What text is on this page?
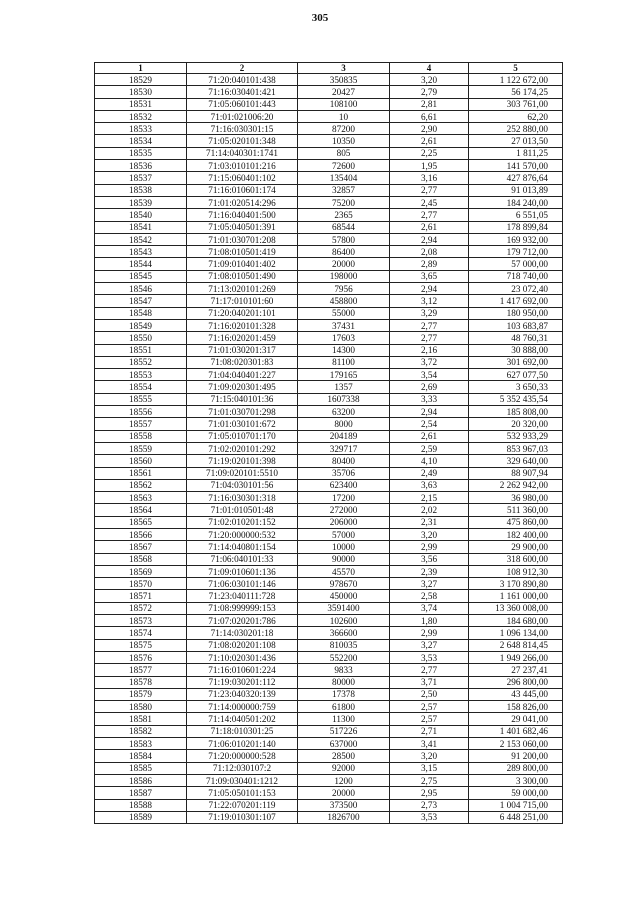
305
1	2	3	4	5
18529	71:20:040101:438	350835	3,20	1 122 672,00
18530	71:16:030401:421	20427	2,79	56 174,25
18531	71:05:060101:443	108100	2,81	303 761,00
18532	71:01:021006:20	10	6,61	62,20
18533	71:16:030301:15	87200	2,90	252 880,00
18534	71:05:020101:348	10350	2,61	27 013,50
18535	71:14:040301:1741	805	2,25	1 811,25
18536	71:03:010101:216	72600	1,95	141 570,00
18537	71:15:060401:102	135404	3,16	427 876,64
18538	71:16:010601:174	32857	2,77	91 013,89
18539	71:01:020514:296	75200	2,45	184 240,00
18540	71:16:040401:500	2365	2,77	6 551,05
18541	71:05:040501:391	68544	2,61	178 899,84
18542	71:01:030701:208	57800	2,94	169 932,00
18543	71:08:010501:419	86400	2,08	179 712,00
18544	71:09:010401:402	20000	2,89	57 000,00
18545	71:08:010501:490	198000	3,65	718 740,00
18546	71:13:020101:269	7956	2,94	23 072,40
18547	71:17:010101:60	458800	3,12	1 417 692,00
18548	71:20:040201:101	55000	3,29	180 950,00
18549	71:16:020101:328	37431	2,77	103 683,87
18550	71:16:020201:459	17603	2,77	48 760,31
18551	71:01:030201:317	14300	2,16	30 888,00
18552	71:08:020301:83	81100	3,72	301 692,00
18553	71:04:040401:227	179165	3,54	627 077,50
18554	71:09:020301:495	1357	2,69	3 650,33
18555	71:15:040101:36	1607338	3,33	5 352 435,54
18556	71:01:030701:298	63200	2,94	185 808,00
18557	71:01:030101:672	8000	2,54	20 320,00
18558	71:05:010701:170	204189	2,61	532 933,29
18559	71:02:020101:292	329717	2,59	853 967,03
18560	71:19:020101:398	80400	4,10	329 640,00
18561	71:09:020101:5510	35706	2,49	88 907,94
18562	71:04:030101:56	623400	3,63	2 262 942,00
18563	71:16:030301:318	17200	2,15	36 980,00
18564	71:01:010501:48	272000	2,02	511 360,00
18565	71:02:010201:152	206000	2,31	475 860,00
18566	71:20:000000:532	57000	3,20	182 400,00
18567	71:14:040801:154	10000	2,99	29 900,00
18568	71:06:040101:33	90000	3,56	318 600,00
18569	71:09:010601:136	45570	2,39	108 912,30
18570	71:06:030101:146	978670	3,27	3 170 890,80
18571	71:23:040111:728	450000	2,58	1 161 000,00
18572	71:08:999999:153	3591400	3,74	13 360 008,00
18573	71:07:020201:786	102600	1,80	184 680,00
18574	71:14:030201:18	366600	2,99	1 096 134,00
18575	71:08:020201:108	810035	3,27	2 648 814,45
18576	71:10:020301:436	552200	3,53	1 949 266,00
18577	71:16:010601:224	9833	2,77	27 237,41
18578	71:19:030201:112	80000	3,71	296 800,00
18579	71:23:040320:139	17378	2,50	43 445,00
18580	71:14:000000:759	61800	2,57	158 826,00
18581	71:14:040501:202	11300	2,57	29 041,00
18582	71:18:010301:25	517226	2,71	1 401 682,46
18583	71:06:010201:140	637000	3,41	2 153 060,00
18584	71:20:000000:528	28500	3,20	91 200,00
18585	71:12:030107:2	92000	3,15	289 800,00
18586	71:09:030401:1212	1200	2,75	3 300,00
18587	71:05:050101:153	20000	2,95	59 000,00
18588	71:22:070201:119	373500	2,73	1 004 715,00
18589	71:19:010301:107	1826700	3,53	6 448 251,00
